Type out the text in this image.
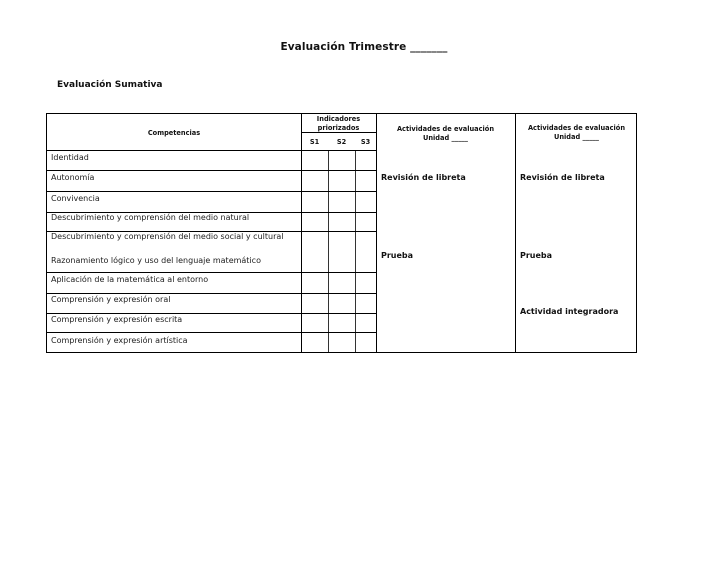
Evaluación Trimestre _______
Evaluación Sumativa
Competencias
Indicadores priorizados
S1	S2	S3
Actividades de evaluación
Unidad _____
Actividades de evaluación
Unidad _____
Identidad
Autonomía
Convivencia
Descubrimiento y comprensión del medio natural
Descubrimiento y comprensión del medio social y cultural
Razonamiento lógico y uso del lenguaje matemático
Aplicación de la matemática al entorno
Comprensión y expresión oral
Comprensión y expresión escrita
Comprensión y expresión artística
Revisión de libreta
Prueba
Revisión de libreta
Prueba
Actividad integradora
